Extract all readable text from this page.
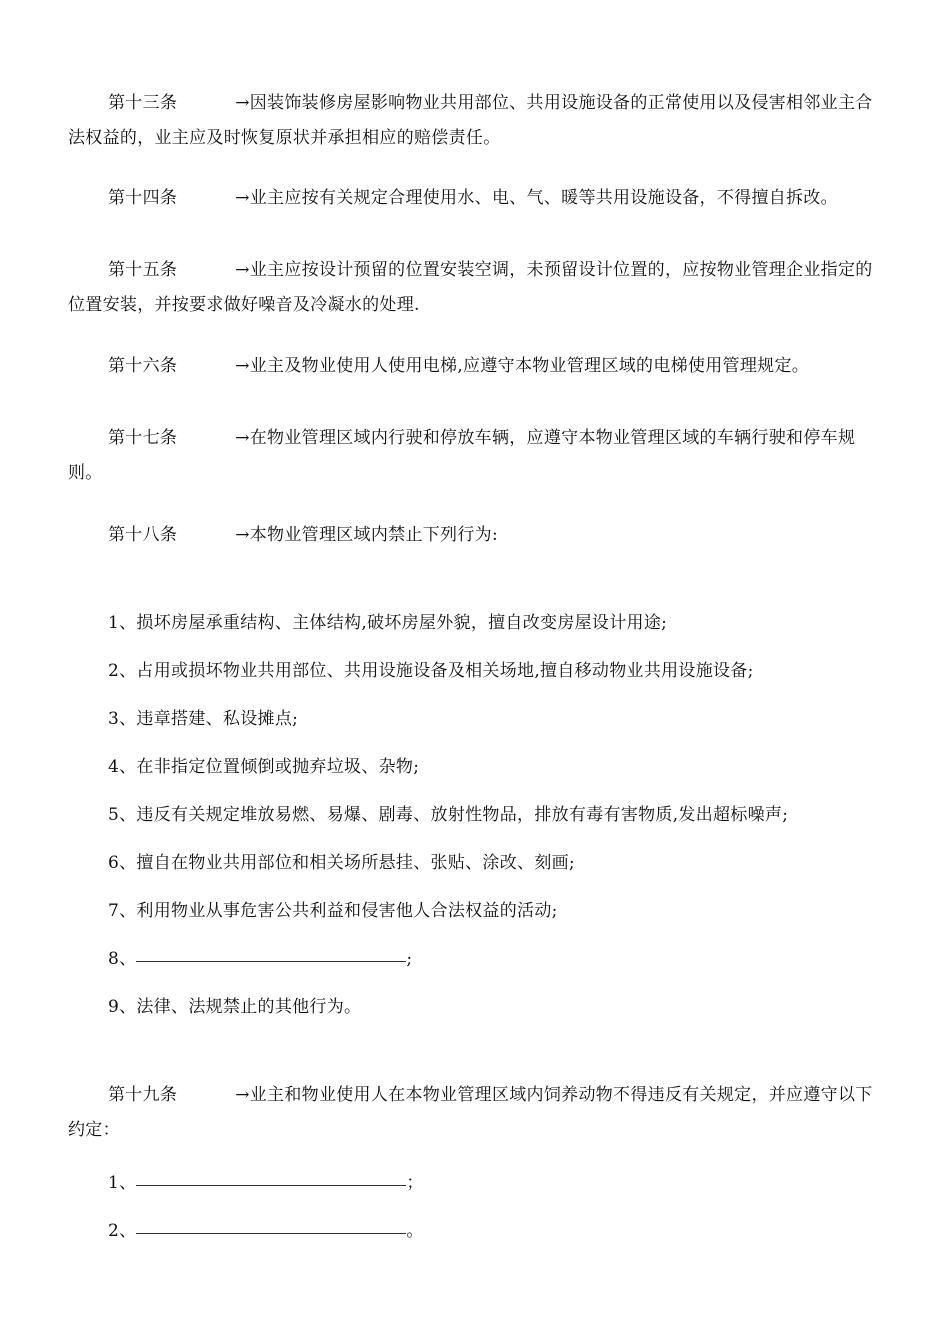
第十三条	→因装饰装修房屋影响物业共用部位、共用设施设备的正常使用以及侵害相邻业主合法权益的，业主应及时恢复原状并承担相应的赔偿责任。
第十四条	→业主应按有关规定合理使用水、电、气、暖等共用设施设备，不得擅自拆改。
第十五条	→业主应按设计预留的位置安装空调，未预留设计位置的，应按物业管理企业指定的位置安装，并按要求做好噪音及冷凝水的处理.
第十六条	→业主及物业使用人使用电梯,应遵守本物业管理区域的电梯使用管理规定。
第十七条	→在物业管理区域内行驶和停放车辆，应遵守本物业管理区域的车辆行驶和停车规则。
第十八条	→本物业管理区域内禁止下列行为:
1、损坏房屋承重结构、主体结构,破坏房屋外貌，擅自改变房屋设计用途;
2、占用或损坏物业共用部位、共用设施设备及相关场地,擅自移动物业共用设施设备;
3、违章搭建、私设摊点;
4、在非指定位置倾倒或抛弃垃圾、杂物;
5、违反有关规定堆放易燃、易爆、剧毒、放射性物品，排放有毒有害物质,发出超标噪声;
6、擅自在物业共用部位和相关场所悬挂、张贴、涂改、刻画;
7、利用物业从事危害公共利益和侵害他人合法权益的活动;
8、	;
9、法律、法规禁止的其他行为。
第十九条	→业主和物业使用人在本物业管理区域内饲养动物不得违反有关规定，并应遵守以下约定：
1、	；
2、	。
